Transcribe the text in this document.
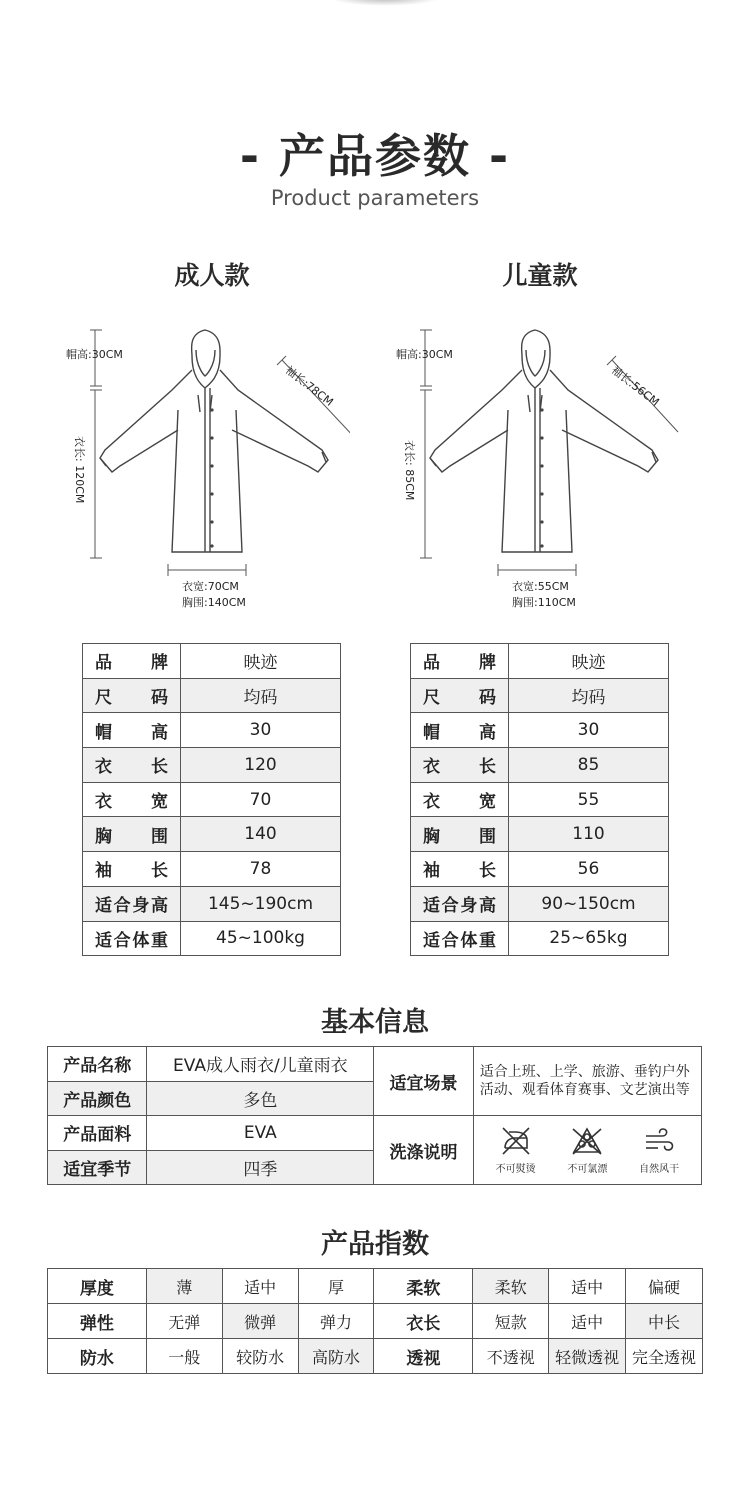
- 产品参数 -
Product parameters
成人款	儿童款
帽高:30CM
衣长: 120CM
袖长:78CM
衣宽:70CM
胸围:140CM
帽高:30CM
衣长: 85CM
袖长:56CM
衣宽:55CM
胸围:110CM
品牌	映迹
尺码	均码
帽高	30
衣长	120
衣宽	70
胸围	140
袖长	78
适合身高	145~190cm
适合体重	45~100kg
品牌	映迹
尺码	均码
帽高	30
衣长	85
衣宽	55
胸围	110
袖长	56
适合身高	90~150cm
适合体重	25~65kg
基本信息
产品名称	EVA成人雨衣/儿童雨衣	适宜场景	适合上班、上学、旅游、垂钓户外活动、观看体育赛事、文艺演出等
产品颜色	多色		
产品面料	EVA	洗涤说明	不可熨烫 不可氯漂 自然风干

适宜季节	四季		
产品指数
厚度	薄	适中	厚	柔软	柔软	适中	偏硬
弹性	无弹	微弹	弹力	衣长	短款	适中	中长
防水	一般	较防水	高防水	透视	不透视	轻微透视	完全透视
